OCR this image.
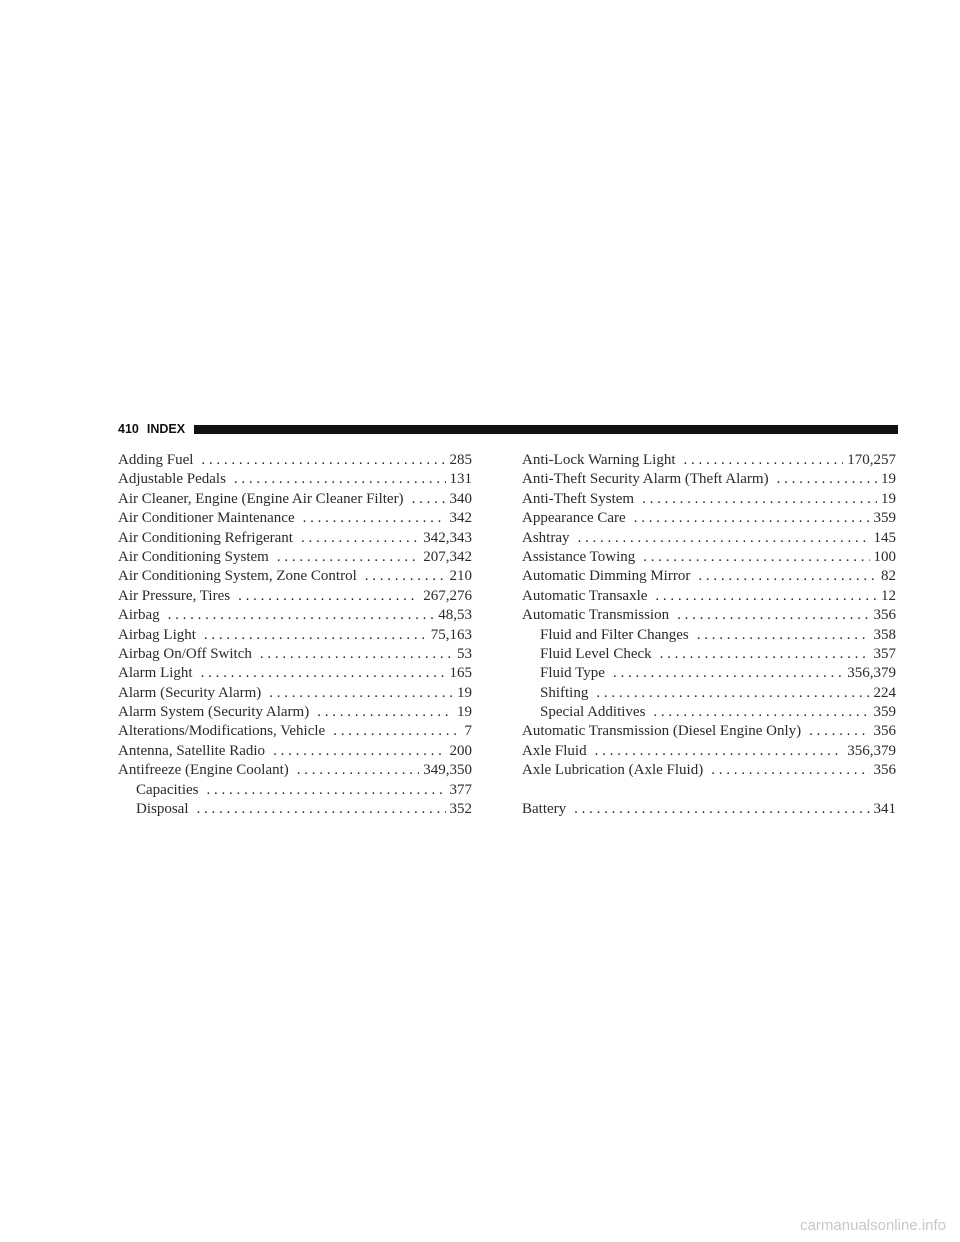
410 INDEX
Adding Fuel . . .	285
Adjustable Pedals . . .	131
Air Cleaner, Engine (Engine Air Cleaner Filter) . . .	340
Air Conditioner Maintenance . . .	342
Air Conditioning Refrigerant . . .	342,343
Air Conditioning System . . .	207,342
Air Conditioning System, Zone Control . . .	210
Air Pressure, Tires . . .	267,276
Airbag . . .	48,53
Airbag Light . . .	75,163
Airbag On/Off Switch . . .	53
Alarm Light . . .	165
Alarm (Security Alarm) . . .	19
Alarm System (Security Alarm) . . .	19
Alterations/Modifications, Vehicle . . .	7
Antenna, Satellite Radio . . .	200
Antifreeze (Engine Coolant) . . .	349,350
Capacities . . .	377
Disposal . . .	352
Anti-Lock Warning Light . . .	170,257
Anti-Theft Security Alarm (Theft Alarm) . . .	19
Anti-Theft System . . .	19
Appearance Care . . .	359
Ashtray . . .	145
Assistance Towing . . .	100
Automatic Dimming Mirror . . .	82
Automatic Transaxle . . .	12
Automatic Transmission . . .	356
Fluid and Filter Changes . . .	358
Fluid Level Check . . .	357
Fluid Type . . .	356,379
Shifting . . .	224
Special Additives . . .	359
Automatic Transmission (Diesel Engine Only) . . .	356
Axle Fluid . . .	356,379
Axle Lubrication (Axle Fluid) . . .	356
Battery . . .	341
carmanualsonline.info
